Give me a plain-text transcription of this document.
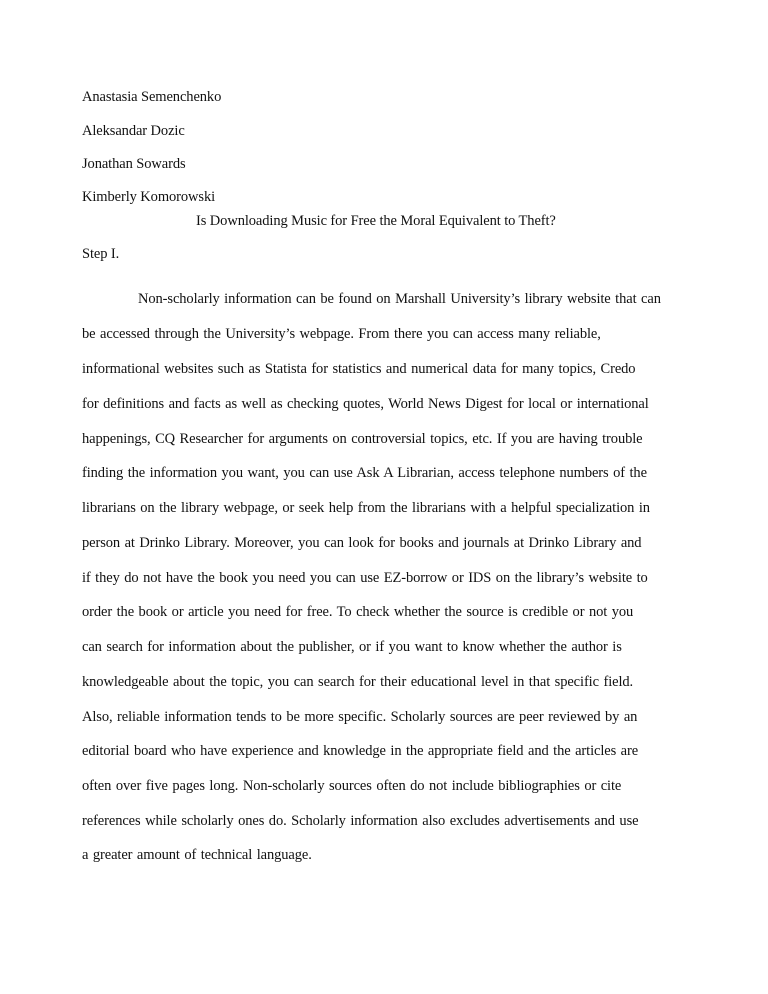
Anastasia Semenchenko
Aleksandar Dozic
Jonathan Sowards
Kimberly Komorowski
Is Downloading Music for Free the Moral Equivalent to Theft?
Step I.
Non-scholarly information can be found on Marshall University’s library website that can
be accessed through the University’s webpage. From there you can access many reliable,
informational websites such as Statista for statistics and numerical data for many topics, Credo
for definitions and facts as well as checking quotes, World News Digest for local or international
happenings, CQ Researcher for arguments on controversial topics, etc. If you are having trouble
finding the information you want, you can use Ask A Librarian, access telephone numbers of the
librarians on the library webpage, or seek help from the librarians with a helpful specialization in
person at Drinko Library. Moreover, you can look for books and journals at Drinko Library and
if they do not have the book you need you can use EZ-borrow or IDS on the library’s website to
order the book or article you need for free. To check whether the source is credible or not you
can search for information about the publisher, or if you want to know whether the author is
knowledgeable about the topic, you can search for their educational level in that specific field.
Also, reliable information tends to be more specific. Scholarly sources are peer reviewed by an
editorial board who have experience and knowledge in the appropriate field and the articles are
often over five pages long. Non-scholarly sources often do not include bibliographies or cite
references while scholarly ones do. Scholarly information also excludes advertisements and use
a greater amount of technical language.
